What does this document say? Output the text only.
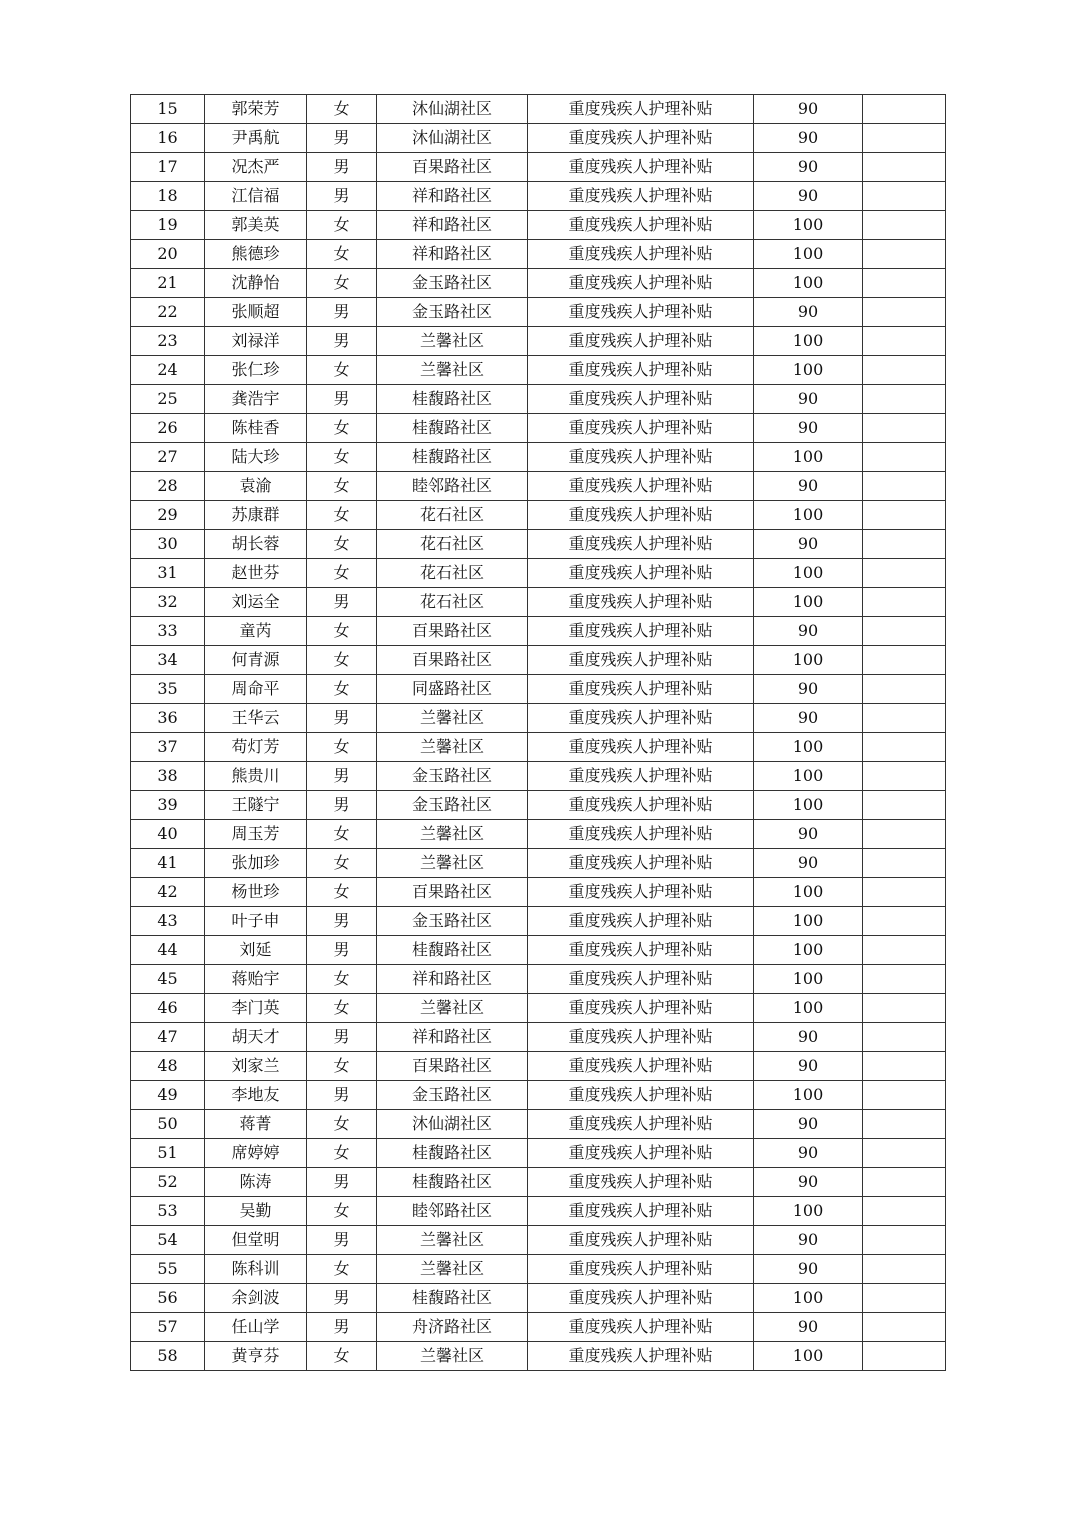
15	郭荣芳	女	沐仙湖社区	重度残疾人护理补贴	90	
16	尹禹航	男	沐仙湖社区	重度残疾人护理补贴	90	
17	况杰严	男	百果路社区	重度残疾人护理补贴	90	
18	江信福	男	祥和路社区	重度残疾人护理补贴	90	
19	郭美英	女	祥和路社区	重度残疾人护理补贴	100	
20	熊德珍	女	祥和路社区	重度残疾人护理补贴	100	
21	沈静怡	女	金玉路社区	重度残疾人护理补贴	100	
22	张顺超	男	金玉路社区	重度残疾人护理补贴	90	
23	刘禄洋	男	兰馨社区	重度残疾人护理补贴	100	
24	张仁珍	女	兰馨社区	重度残疾人护理补贴	100	
25	龚浩宇	男	桂馥路社区	重度残疾人护理补贴	90	
26	陈桂香	女	桂馥路社区	重度残疾人护理补贴	90	
27	陆大珍	女	桂馥路社区	重度残疾人护理补贴	100	
28	袁渝	女	睦邻路社区	重度残疾人护理补贴	90	
29	苏康群	女	花石社区	重度残疾人护理补贴	100	
30	胡长蓉	女	花石社区	重度残疾人护理补贴	90	
31	赵世芬	女	花石社区	重度残疾人护理补贴	100	
32	刘运全	男	花石社区	重度残疾人护理补贴	100	
33	童芮	女	百果路社区	重度残疾人护理补贴	90	
34	何青源	女	百果路社区	重度残疾人护理补贴	100	
35	周命平	女	同盛路社区	重度残疾人护理补贴	90	
36	王华云	男	兰馨社区	重度残疾人护理补贴	90	
37	苟灯芳	女	兰馨社区	重度残疾人护理补贴	100	
38	熊贵川	男	金玉路社区	重度残疾人护理补贴	100	
39	王隧宁	男	金玉路社区	重度残疾人护理补贴	100	
40	周玉芳	女	兰馨社区	重度残疾人护理补贴	90	
41	张加珍	女	兰馨社区	重度残疾人护理补贴	90	
42	杨世珍	女	百果路社区	重度残疾人护理补贴	100	
43	叶子申	男	金玉路社区	重度残疾人护理补贴	100	
44	刘延	男	桂馥路社区	重度残疾人护理补贴	100	
45	蒋贻宇	女	祥和路社区	重度残疾人护理补贴	100	
46	李门英	女	兰馨社区	重度残疾人护理补贴	100	
47	胡天才	男	祥和路社区	重度残疾人护理补贴	90	
48	刘家兰	女	百果路社区	重度残疾人护理补贴	90	
49	李地友	男	金玉路社区	重度残疾人护理补贴	100	
50	蒋菁	女	沐仙湖社区	重度残疾人护理补贴	90	
51	席婷婷	女	桂馥路社区	重度残疾人护理补贴	90	
52	陈涛	男	桂馥路社区	重度残疾人护理补贴	90	
53	吴勤	女	睦邻路社区	重度残疾人护理补贴	100	
54	但堂明	男	兰馨社区	重度残疾人护理补贴	90	
55	陈科训	女	兰馨社区	重度残疾人护理补贴	90	
56	余剑波	男	桂馥路社区	重度残疾人护理补贴	100	
57	任山学	男	舟济路社区	重度残疾人护理补贴	90	
58	黄亨芬	女	兰馨社区	重度残疾人护理补贴	100	
